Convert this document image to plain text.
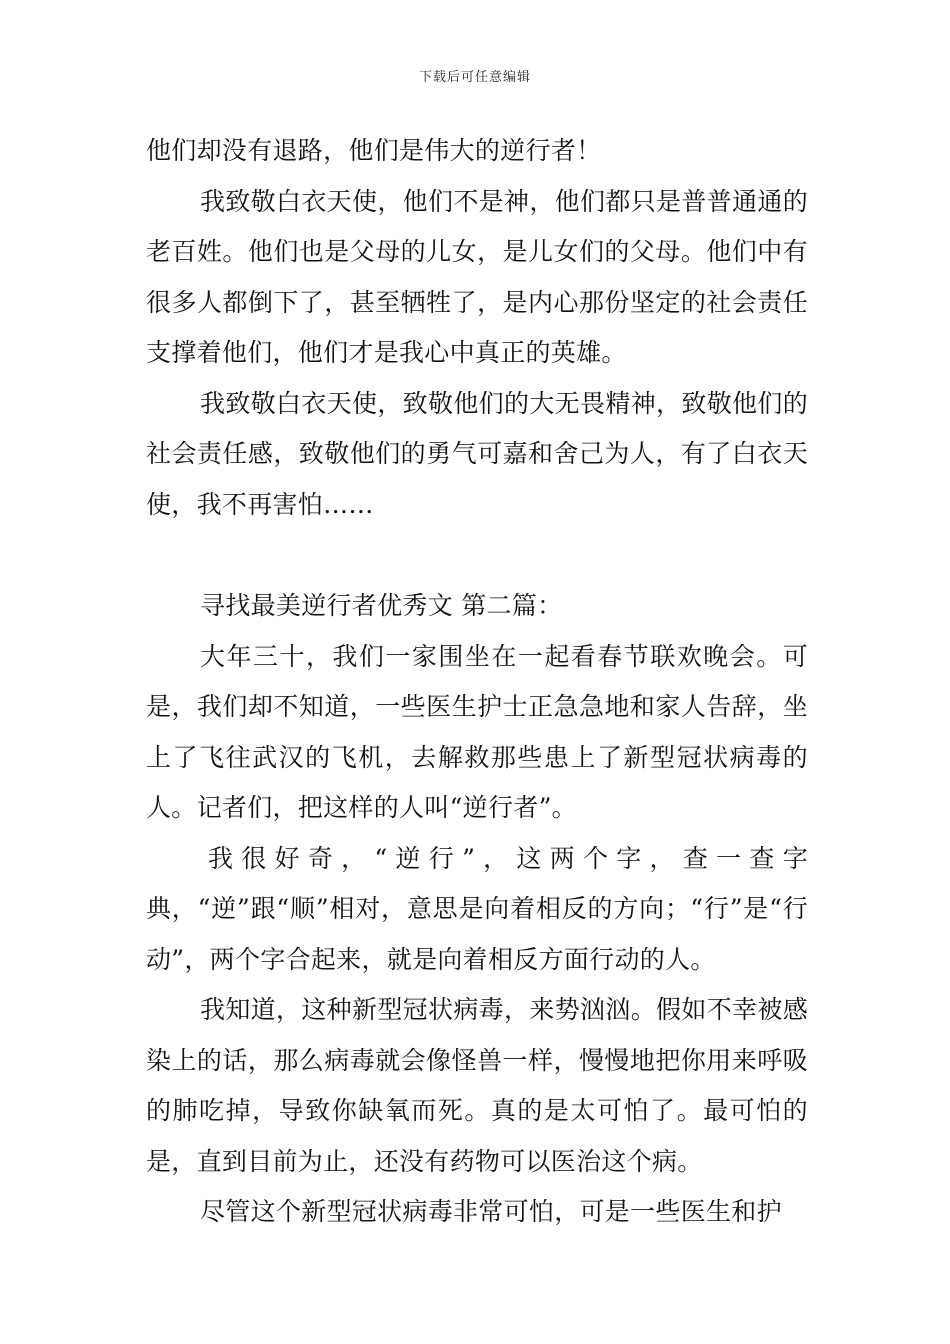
下载后可任意编辑

他们却没有退路，他们是伟大的逆行者！

我致敬白衣天使，他们不是神，他们都只是普普通通的老百姓。他们也是父母的儿女，是儿女们的父母。他们中有很多人都倒下了，甚至牺牲了，是内心那份坚定的社会责任支撑着他们，他们才是我心中真正的英雄。

我致敬白衣天使，致敬他们的大无畏精神，致敬他们的社会责任感，致敬他们的勇气可嘉和舍己为人，有了白衣天使，我不再害怕……

寻找最美逆行者优秀文 第二篇：

大年三十，我们一家围坐在一起看春节联欢晚会。可是，我们却不知道，一些医生护士正急急地和家人告辞，坐上了飞往武汉的飞机，去解救那些患上了新型冠状病毒的人。记者们，把这样的人叫“逆行者”。

我很好奇，“逆行”，这两个字，查一查字典，“逆”跟“顺”相对，意思是向着相反的方向；“行”是“行动”，两个字合起来，就是向着相反方面行动的人。

我知道，这种新型冠状病毒，来势汹汹。假如不幸被感染上的话，那么病毒就会像怪兽一样，慢慢地把你用来呼吸的肺吃掉，导致你缺氧而死。真的是太可怕了。最可怕的是，直到目前为止，还没有药物可以医治这个病。

尽管这个新型冠状病毒非常可怕，可是一些医生和护
